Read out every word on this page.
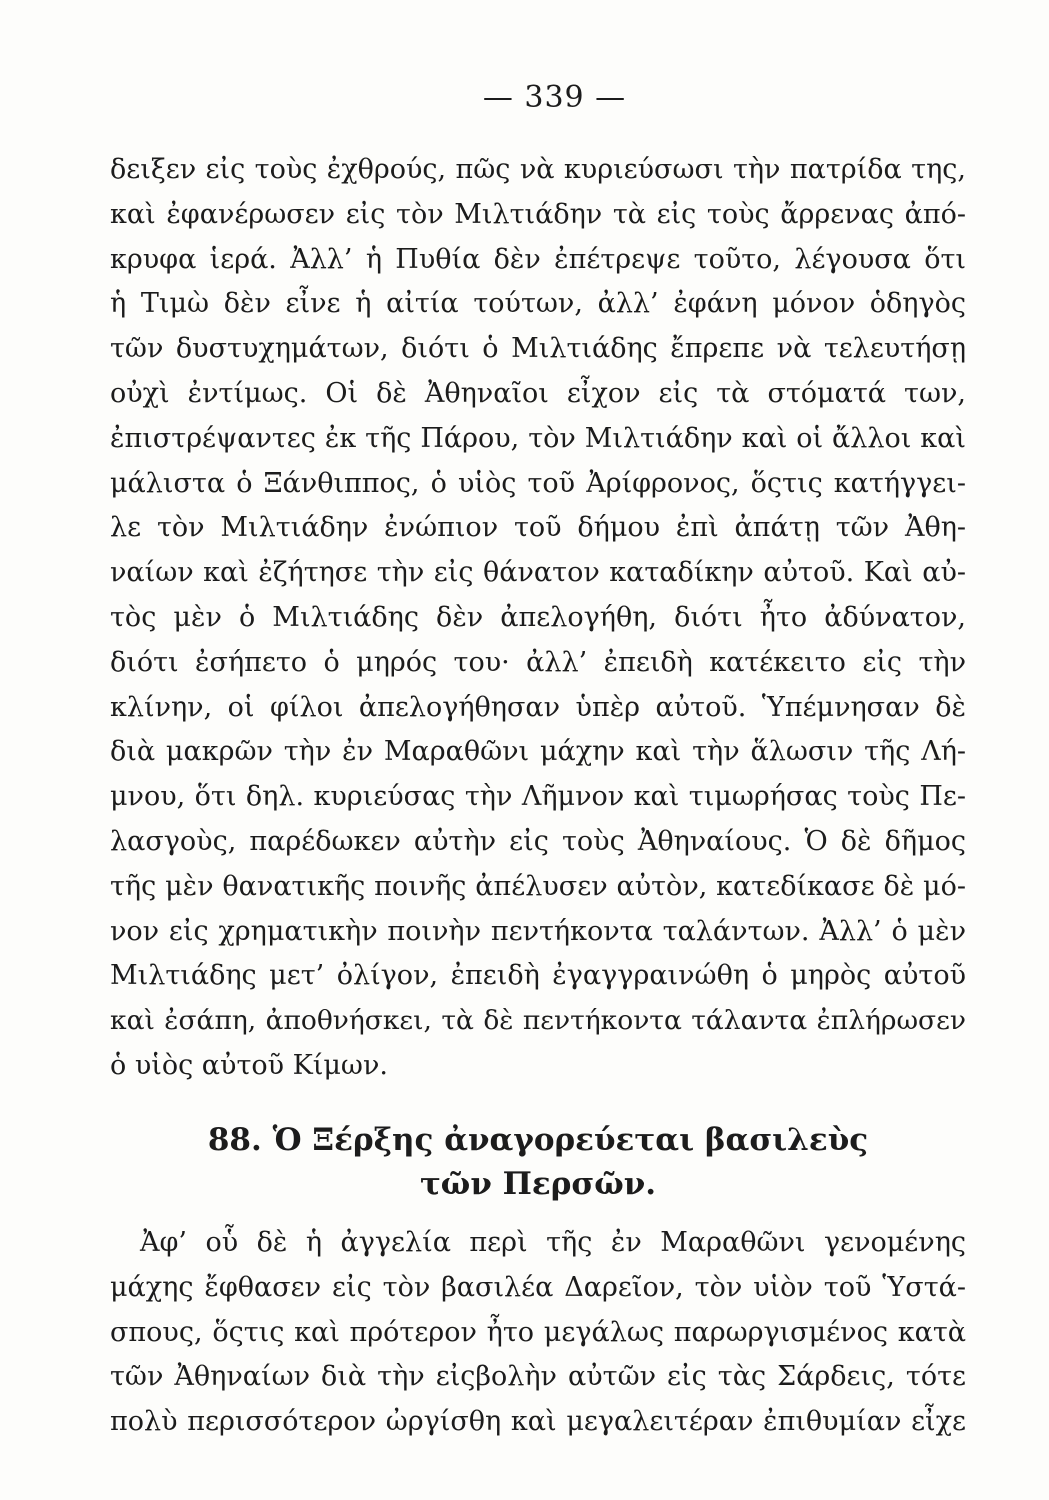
— 339 —
δειξεν εἰς τοὺς ἐχθρούς, πῶς νὰ κυριεύσωσι τὴν πατρίδα της,
καὶ ἐφανέρωσεν εἰς τὸν Μιλτιάδην τὰ εἰς τοὺς ἄρρενας ἀπό-
κρυφα ἱερά. Ἀλλ’ ἡ Πυθία δὲν ἐπέτρεψε τοῦτο, λέγουσα ὅτι
ἡ Τιμὼ δὲν εἶνε ἡ αἰτία τούτων, ἀλλ’ ἐφάνη μόνον ὁδηγὸς
τῶν δυστυχημάτων, διότι ὁ Μιλτιάδης ἔπρεπε νὰ τελευτήσῃ
οὐχὶ ἐντίμως. Οἱ δὲ Ἀθηναῖοι εἶχον εἰς τὰ στόματά των,
ἐπιστρέψαντες ἐκ τῆς Πάρου, τὸν Μιλτιάδην καὶ οἱ ἄλλοι καὶ
μάλιστα ὁ Ξάνθιππος, ὁ υἱὸς τοῦ Ἀρίφρονος, ὅςτις κατήγγει-
λε τὸν Μιλτιάδην ἐνώπιον τοῦ δήμου ἐπὶ ἀπάτῃ τῶν Ἀθη-
ναίων καὶ ἐζήτησε τὴν εἰς θάνατον καταδίκην αὐτοῦ. Καὶ αὐ-
τὸς μὲν ὁ Μιλτιάδης δὲν ἀπελογήθη, διότι ἦτο ἀδύνατον,
διότι ἐσήπετο ὁ μηρός του· ἀλλ’ ἐπειδὴ κατέκειτο εἰς τὴν
κλίνην, οἱ φίλοι ἀπελογήθησαν ὑπὲρ αὐτοῦ. Ὑπέμνησαν δὲ
διὰ μακρῶν τὴν ἐν Μαραθῶνι μάχην καὶ τὴν ἅλωσιν τῆς Λή-
μνου, ὅτι δηλ. κυριεύσας τὴν Λῆμνον καὶ τιμωρήσας τοὺς Πε-
λασγοὺς, παρέδωκεν αὐτὴν εἰς τοὺς Ἀθηναίους. Ὁ δὲ δῆμος
τῆς μὲν θανατικῆς ποινῆς ἀπέλυσεν αὐτὸν, κατεδίκασε δὲ μό-
νον εἰς χρηματικὴν ποινὴν πεντήκοντα ταλάντων. Ἀλλ’ ὁ μὲν
Μιλτιάδης μετ’ ὀλίγον, ἐπειδὴ ἐγαγγραινώθη ὁ μηρὸς αὐτοῦ
καὶ ἐσάπη, ἀποθνήσκει, τὰ δὲ πεντήκοντα τάλαντα ἐπλήρωσεν
ὁ υἱὸς αὐτοῦ Κίμων.
88. Ὁ Ξέρξης ἀναγορεύεται βασιλεὺς
τῶν Περσῶν.
Ἀφ’ οὗ δὲ ἡ ἀγγελία περὶ τῆς ἐν Μαραθῶνι γενομένης
μάχης ἔφθασεν εἰς τὸν βασιλέα Δαρεῖον, τὸν υἱὸν τοῦ Ὑστά-
σπους, ὅςτις καὶ πρότερον ἦτο μεγάλως παρωργισμένος κατὰ
τῶν Ἀθηναίων διὰ τὴν εἰςβολὴν αὐτῶν εἰς τὰς Σάρδεις, τότε
πολὺ περισσότερον ὠργίσθη καὶ μεγαλειτέραν ἐπιθυμίαν εἶχε
